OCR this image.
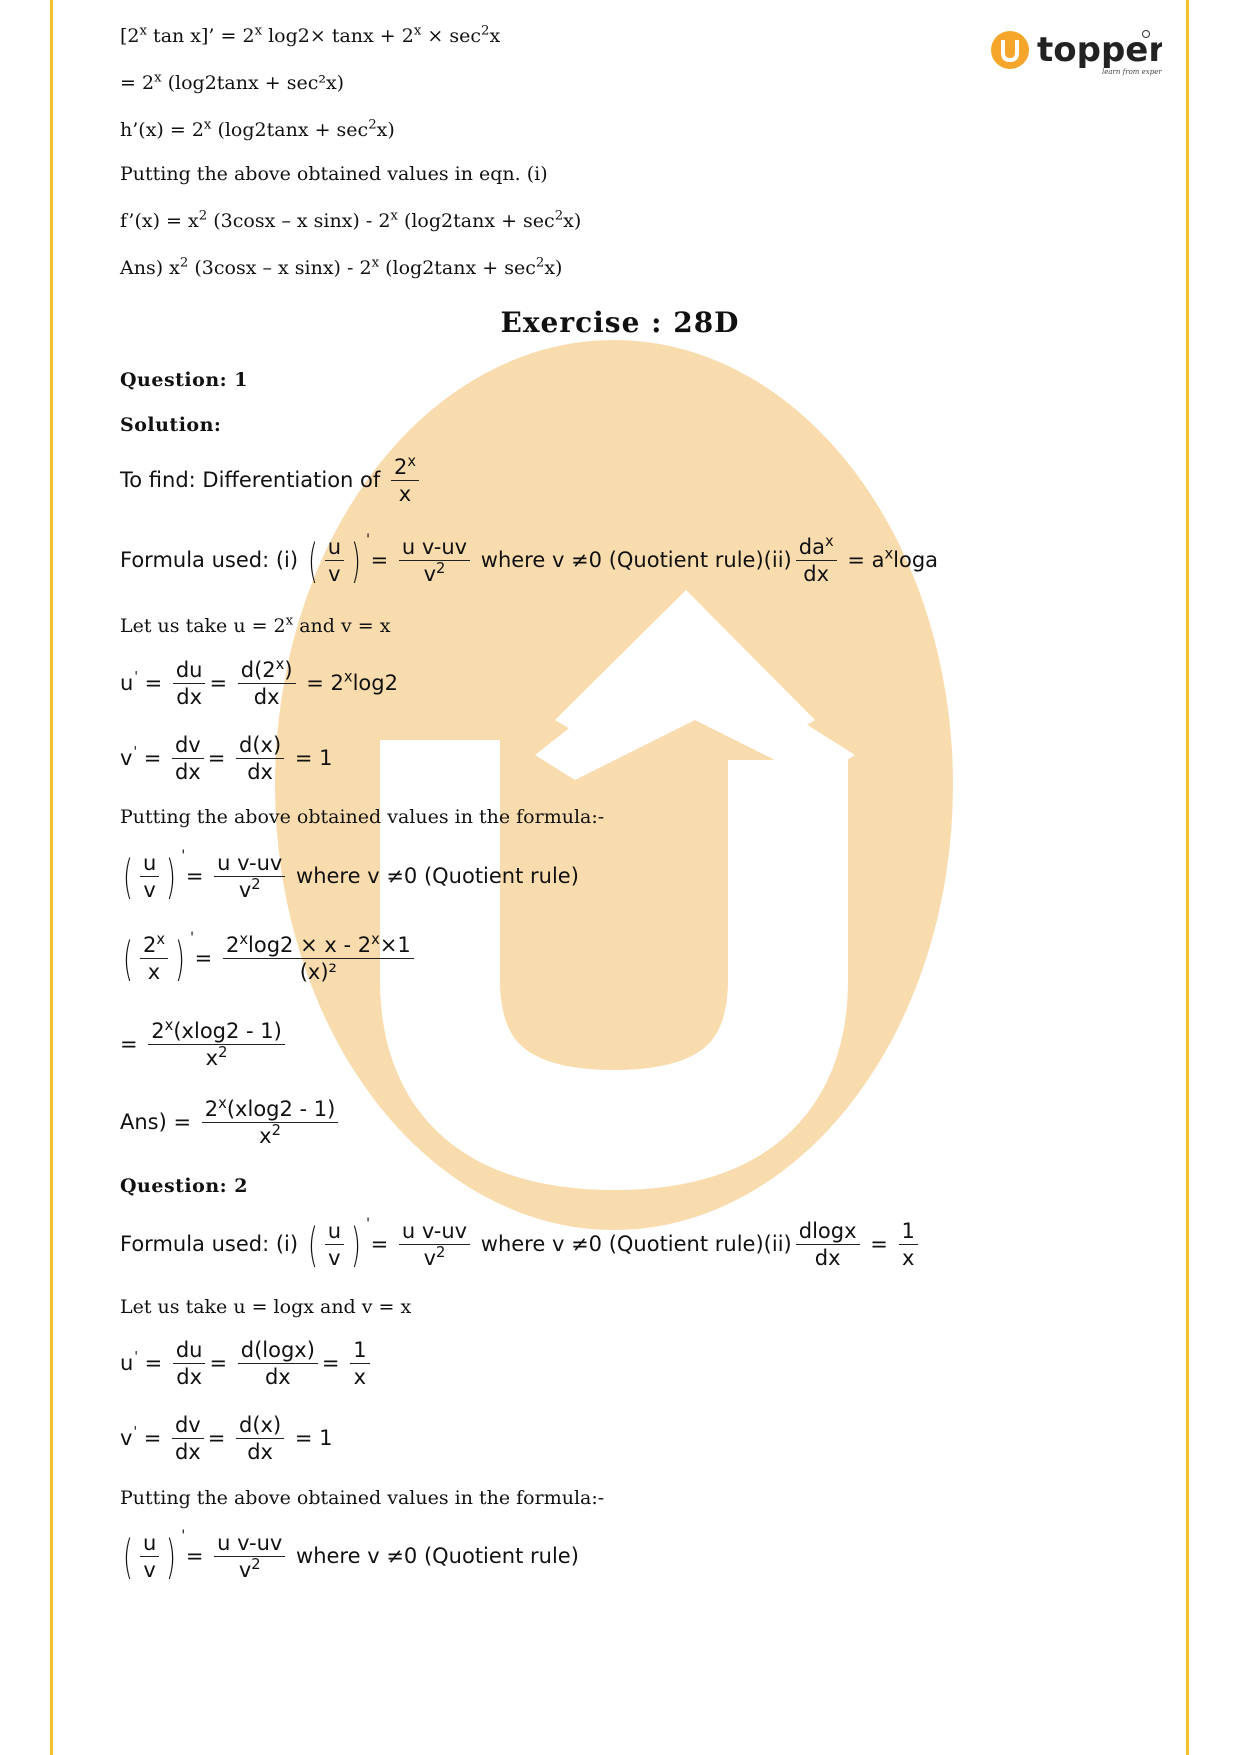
topper
learn from experts
[2$^x$ tan x]’ = $2^x$ $\log 2\times \tan x + 2^x \times \sec^2x$
= $2^x$ (log2tanx + sec²x)
h’(x) = $2^x$ $(\log 2\tan x + \sec^2x)$
Putting the above obtained values in eqn. (i)
f’(x) = $x^2$ (3cosx – x sinx) - 2$^x$ $(\log 2\tan x + \sec^2x)$
Ans) $x^2$ (3cosx – x sinx) - 2$^x$ $(\log 2\tan x + \sec^2x)$
Exercise : 28D
Question: 1
Solution:
To find: Differentiation of $\frac{2^x}{x}$
Formula used: (i) ( $\frac{u}{v}$ ) '
= $\frac{\text{u v-uv}}{v^2}$ where v ≠0 (Quotient rule)(ii) $\frac{da^x}{dx} = a^x\log a$
Let us take $u = 2^x$ and v = x
$u' = \frac{du}{dx} = \frac{d(2^x)}{dx} = 2^x\log 2$
$v' = \frac{dv}{dx} = \frac{d(x)}{dx} = 1$
Putting the above obtained values in the formula:-
( $\frac{u}{v}$ ) '
= $\frac{\text{u v-uv}}{v^2}$ where v ≠0 (Quotient rule)
( $\frac{2^x}{x}$ ) '
= $\frac{2^x\log 2 \times x - 2^x\times 1}{\text{(x)²}}$
= $\frac{2^x(xlog2 - 1)}{x^2}$
$Ans) = \frac{2^x(xlog2 - 1)}{x^2}$
Question: 2
Formula used: (i) ( $\frac{u}{v}$ ) '
= $\frac{\text{u v-uv}}{v^2}$ where v ≠0 (Quotient rule)(ii) $\frac{dlogx}{dx} = \frac{1}{x}$
Let us take u = logx and v = x
$u' = \frac{du}{dx} = \frac{d(\log x)}{dx} = \frac{1}{x}$
$v' = \frac{dv}{dx} = \frac{d(x)}{dx} = 1$
Putting the above obtained values in the formula:-
( $\frac{u}{v}$ ) '
= $\frac{\text{u v-uv}}{v^2}$ where v ≠0 (Quotient rule)
